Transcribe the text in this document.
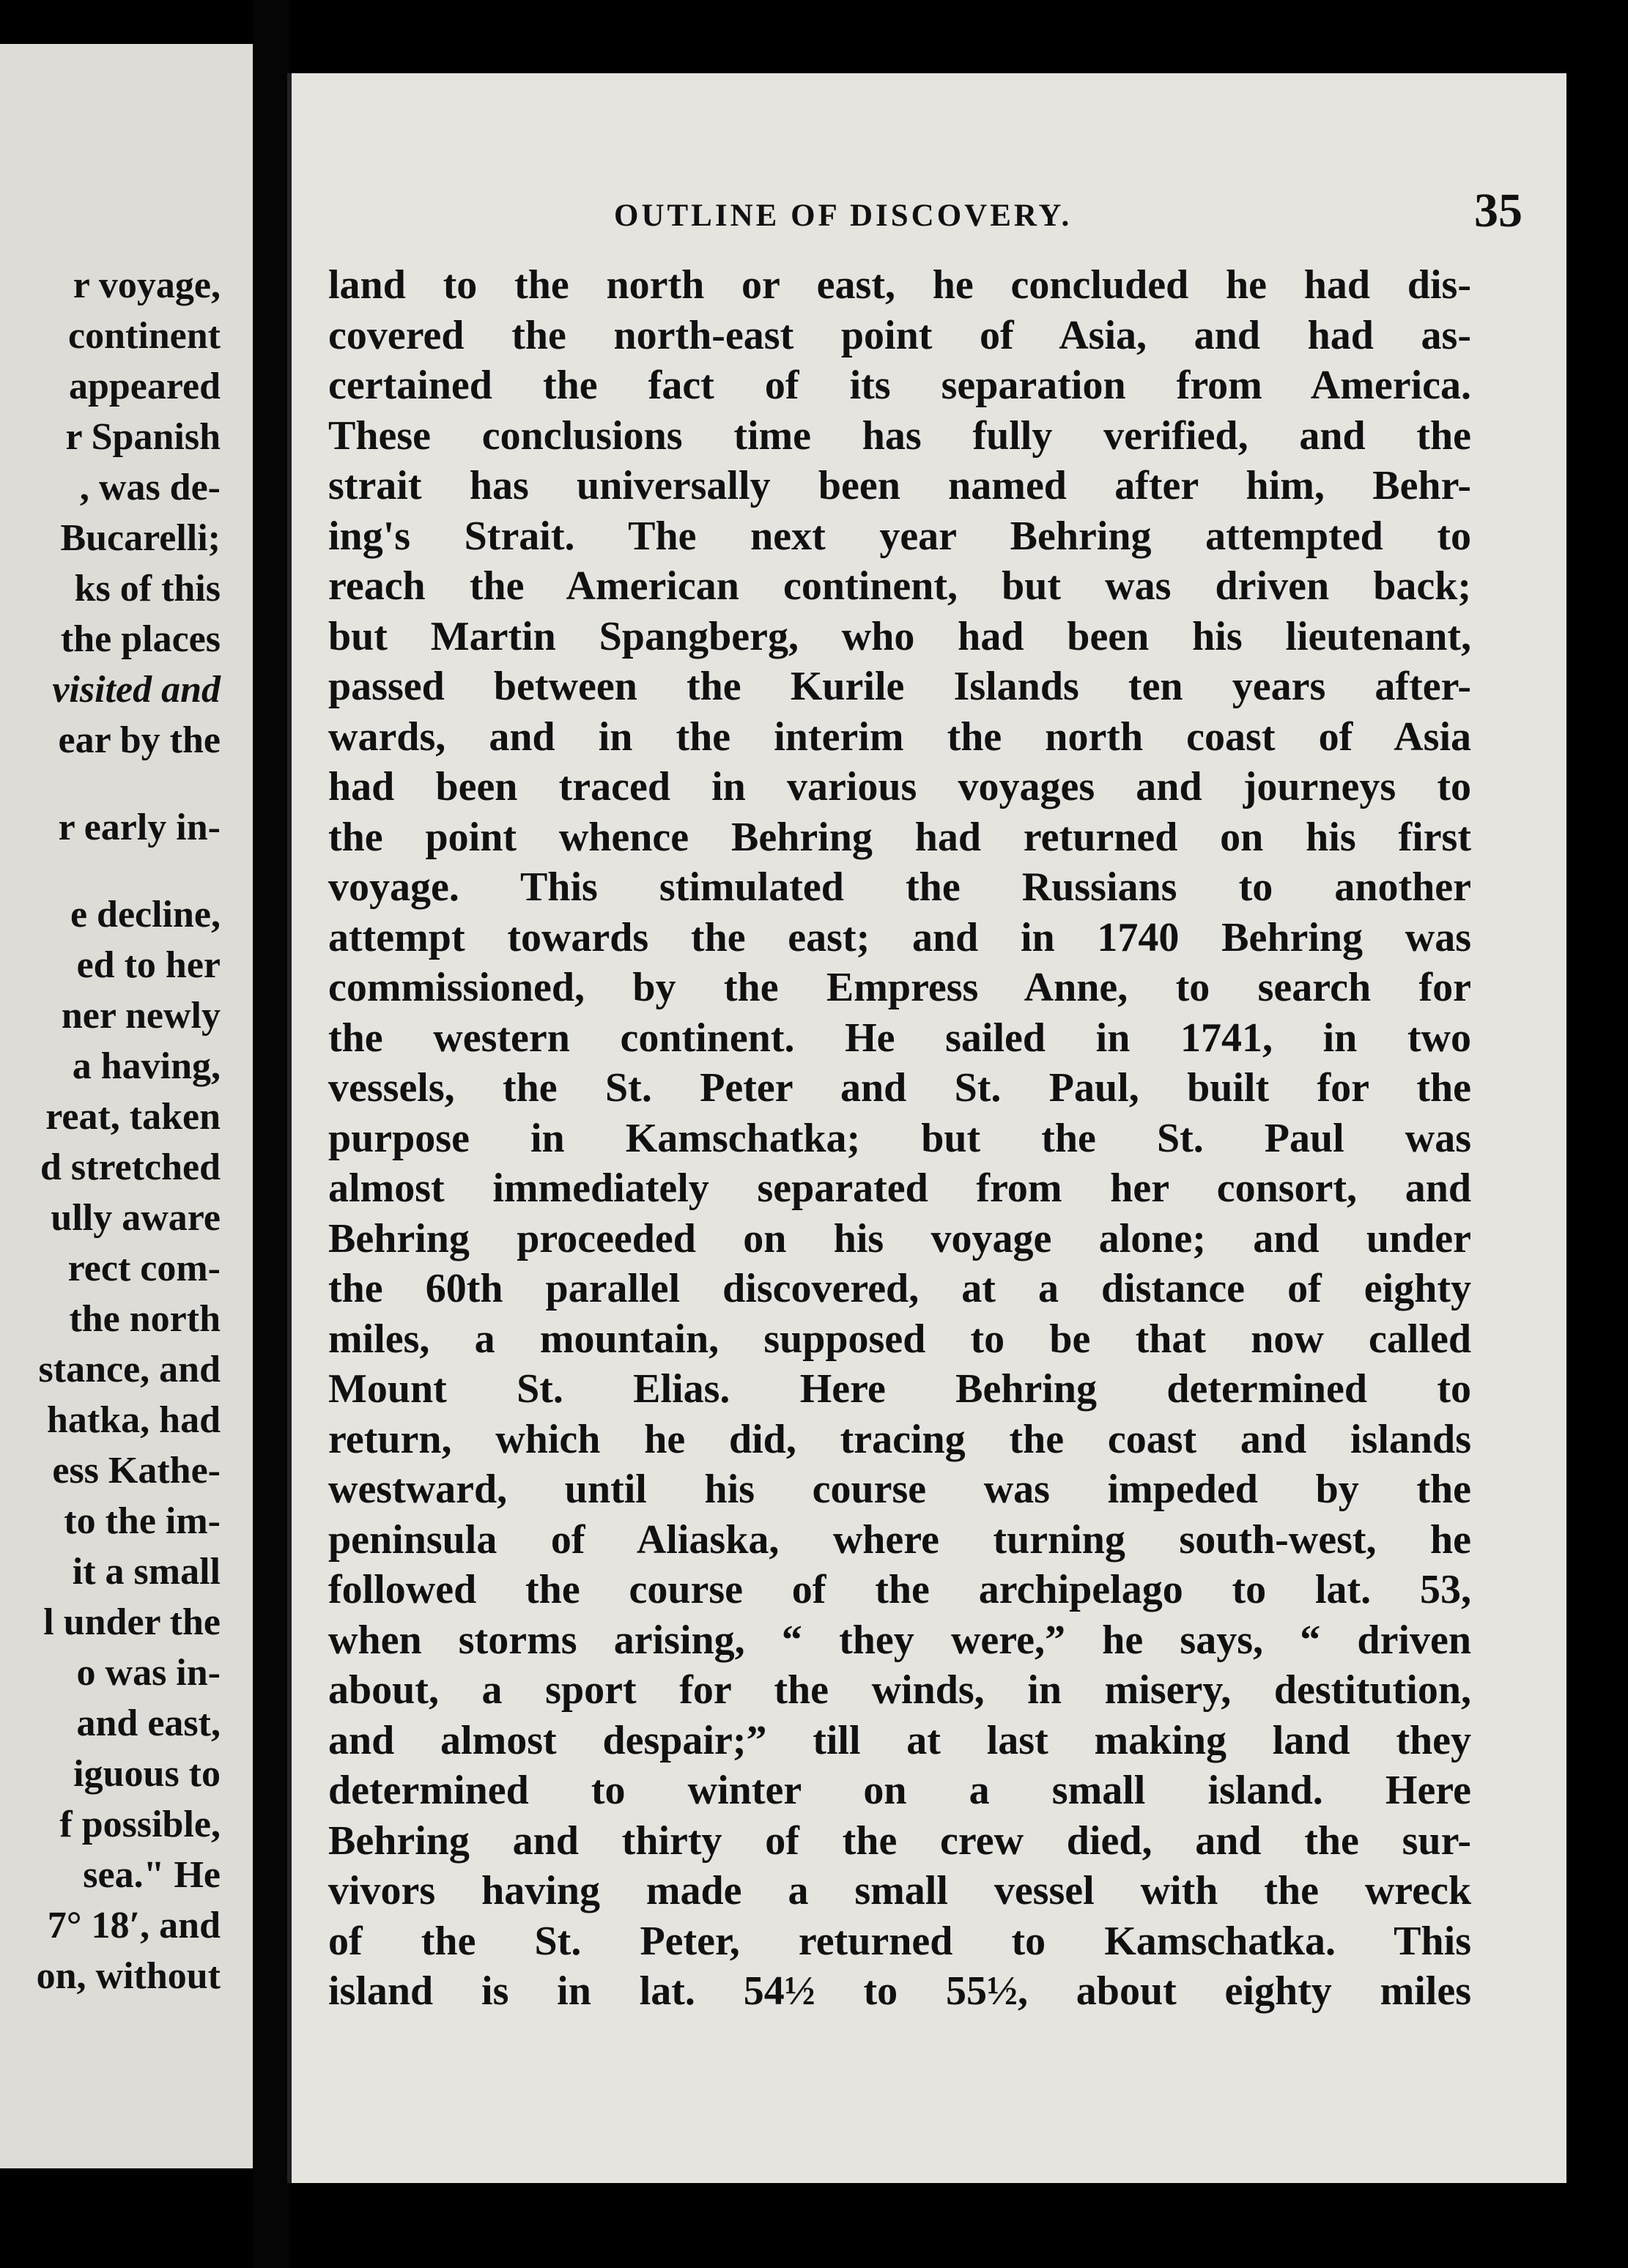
r voyage,
continent
appeared
r Spanish
, was de-
Bucarelli;
ks of this
the places
visited and
ear by the
r early in-
e decline,
ed to her
ner newly
a having,
reat, taken
d stretched
ully aware
rect com-
the north
stance, and
hatka, had
ess Kathe-
to the im-
it a small
l under the
o was in-
and east,
iguous to
f possible,
sea." He
7° 18′, and
on, without
OUTLINE OF DISCOVERY.	35
land to the north or east, he concluded he had dis-
covered the north-east point of Asia, and had as-
certained the fact of its separation from America.
These conclusions time has fully verified, and the
strait has universally been named after him, Behr-
ing's Strait. The next year Behring attempted to
reach the American continent, but was driven back;
but Martin Spangberg, who had been his lieutenant,
passed between the Kurile Islands ten years after-
wards, and in the interim the north coast of Asia
had been traced in various voyages and journeys to
the point whence Behring had returned on his first
voyage. This stimulated the Russians to another
attempt towards the east; and in 1740 Behring was
commissioned, by the Empress Anne, to search for
the western continent. He sailed in 1741, in two
vessels, the St. Peter and St. Paul, built for the
purpose in Kamschatka; but the St. Paul was
almost immediately separated from her consort, and
Behring proceeded on his voyage alone; and under
the 60th parallel discovered, at a distance of eighty
miles, a mountain, supposed to be that now called
Mount St. Elias. Here Behring determined to
return, which he did, tracing the coast and islands
westward, until his course was impeded by the
peninsula of Aliaska, where turning south-west, he
followed the course of the archipelago to lat. 53,
when storms arising, “ they were,” he says, “ driven
about, a sport for the winds, in misery, destitution,
and almost despair;” till at last making land they
determined to winter on a small island. Here
Behring and thirty of the crew died, and the sur-
vivors having made a small vessel with the wreck
of the St. Peter, returned to Kamschatka. This
island is in lat. 54½ to 55½, about eighty miles
